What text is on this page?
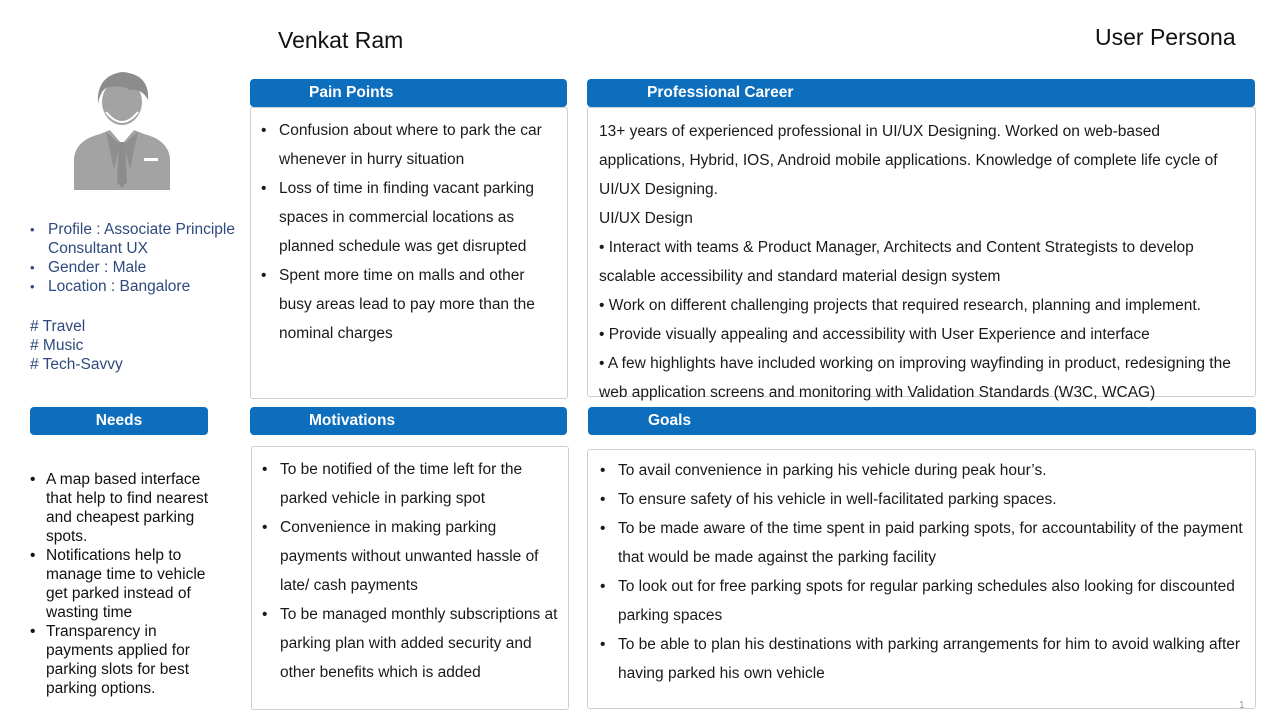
Venkat Ram	User Persona
• Profile : Associate Principle Consultant UX
• Gender : Male
• Location : Bangalore
# Travel
# Music
# Tech-Savvy
Pain Points
• Confusion about where to park the car whenever in hurry situation
• Loss of time in finding vacant parking spaces in commercial locations as planned schedule was get disrupted
• Spent more time on malls and other busy areas lead to pay more than the nominal charges
Professional Career

13+ years of experienced professional in UI/UX Designing. Worked on web-based applications, Hybrid, IOS, Android mobile applications. Knowledge of complete life cycle of UI/UX Designing.

UI/UX Design

• Interact with teams & Product Manager, Architects and Content Strategists to develop scalable accessibility and standard material design system

• Work on different challenging projects that required research, planning and implement.

• Provide visually appealing and accessibility with User Experience and interface

• A few highlights have included working on improving wayfinding in product, redesigning the web application screens and monitoring with Validation Standards (W3C, WCAG)

Needs
• A map based interface that help to find nearest and cheapest parking spots.
• Notifications help to manage time to vehicle get parked instead of wasting time
• Transparency in payments applied for parking slots for best parking options.
Motivations
• To be notified of the time left for the parked vehicle in parking spot
• Convenience in making parking payments without unwanted hassle of late/ cash payments
• To be managed monthly subscriptions at parking plan with added security and other benefits which is added
Goals
• To avail convenience in parking his vehicle during peak hour’s.
• To ensure safety of his vehicle in well-facilitated parking spaces.
• To be made aware of the time spent in paid parking spots, for accountability of the payment that would be made against the parking facility
• To look out for free parking spots for regular parking schedules also looking for discounted parking spaces
• To be able to plan his destinations with parking arrangements for him to avoid walking after having parked his own vehicle
1
